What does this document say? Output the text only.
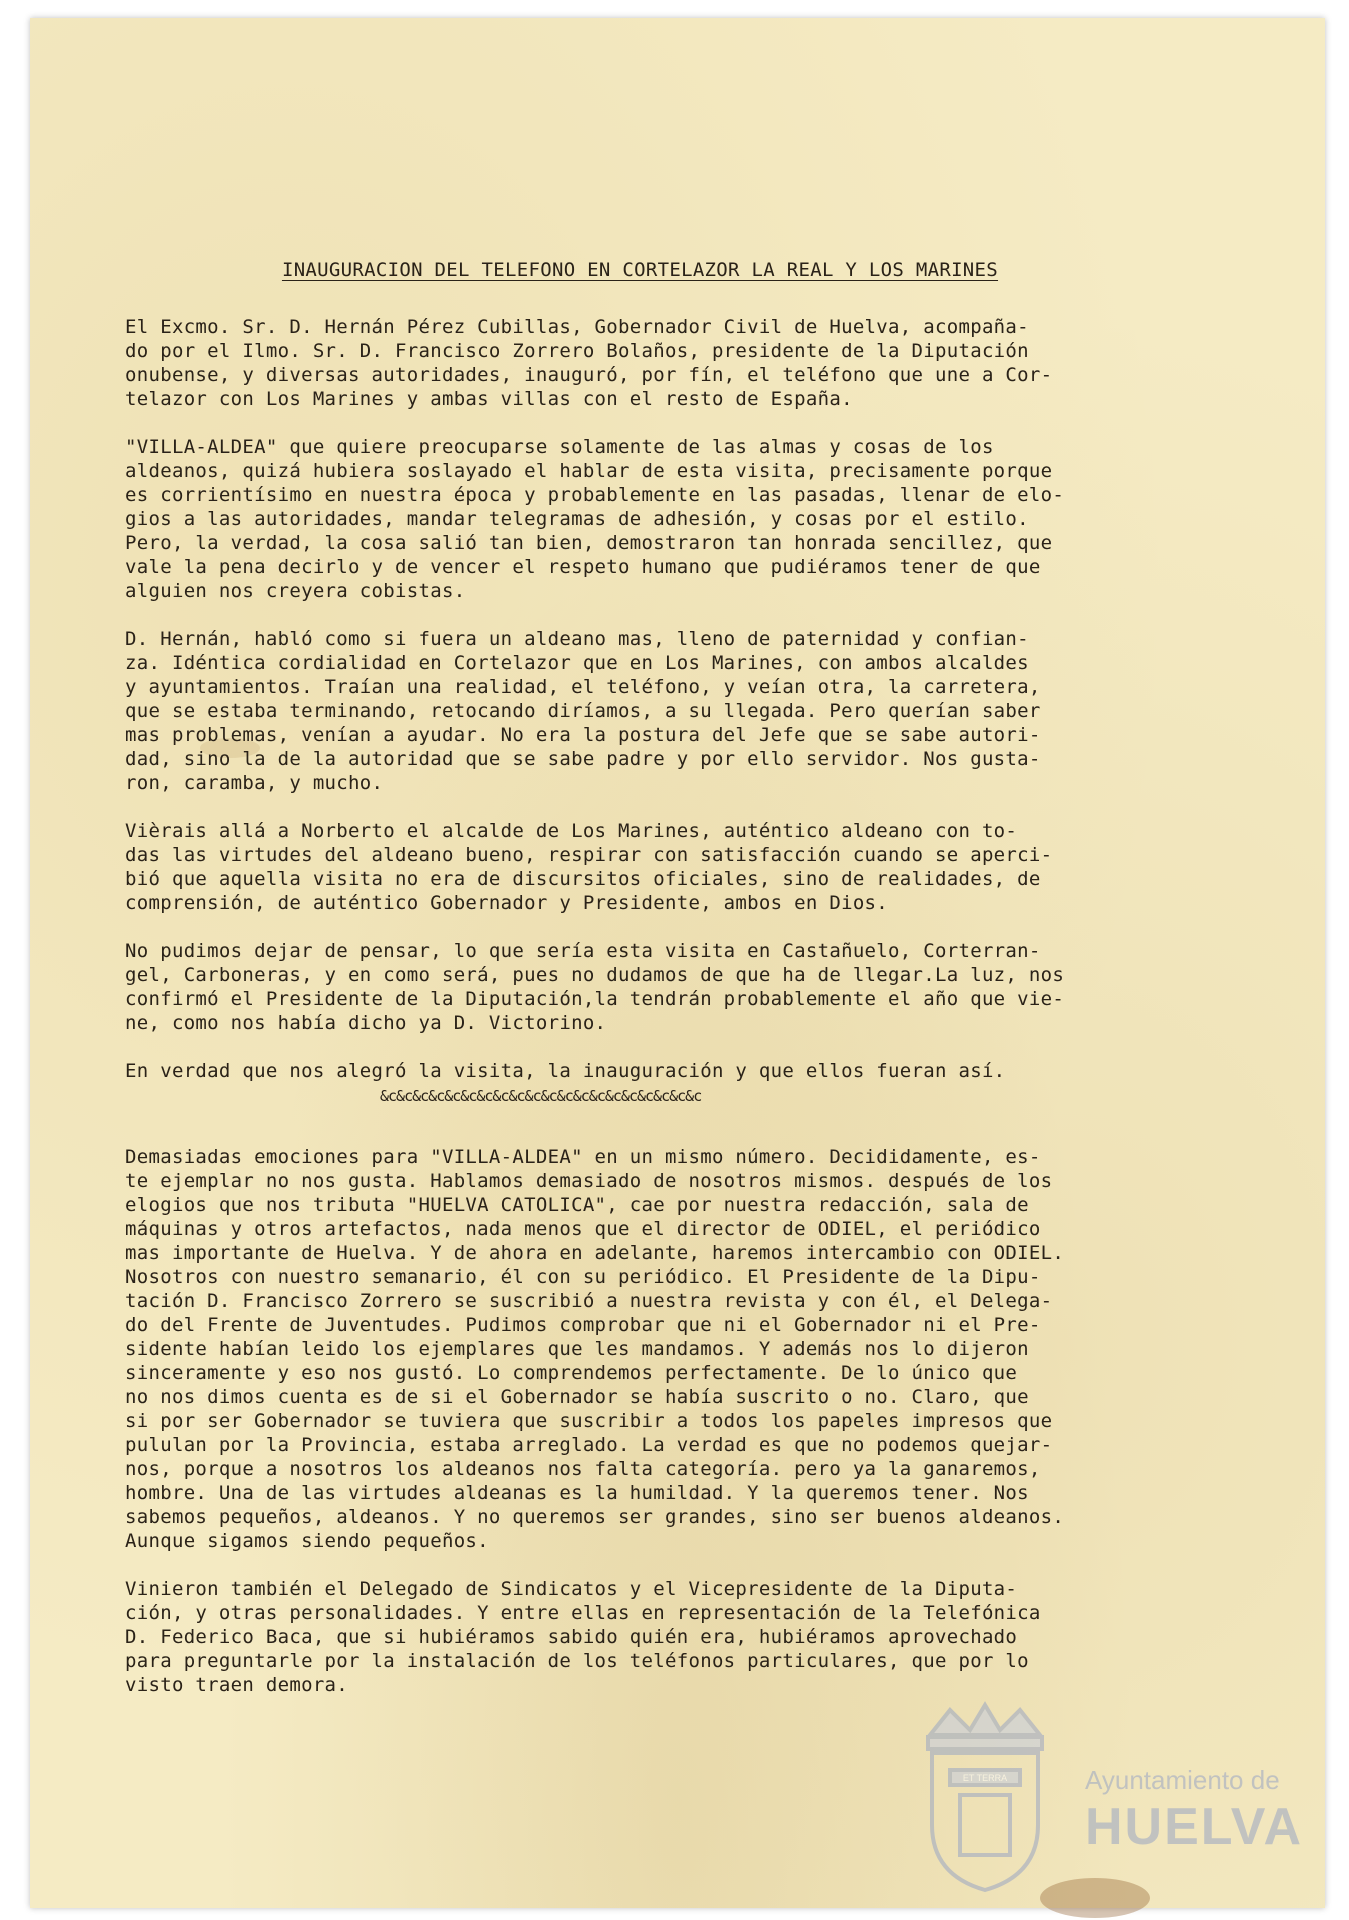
INAUGURACION DEL TELEFONO EN CORTELAZOR LA REAL Y LOS MARINES

El Excmo. Sr. D. Hernán Pérez Cubillas, Gobernador Civil de Huelva, acompaña-
do por el Ilmo. Sr. D. Francisco Zorrero Bolaños, presidente de la Diputación
onubense, y diversas autoridades, inauguró, por fín, el teléfono que une a Cor-
telazor con Los Marines y ambas villas con el resto de España.

"VILLA-ALDEA" que quiere preocuparse solamente de las almas y cosas de los
aldeanos, quizá hubiera soslayado el hablar de esta visita, precisamente porque
es corrientísimo en nuestra época y probablemente en las pasadas, llenar de elo-
gios a las autoridades, mandar telegramas de adhesión, y cosas por el estilo.
Pero, la verdad, la cosa salió tan bien, demostraron tan honrada sencillez, que
vale la pena decirlo y de vencer el respeto humano que pudiéramos tener de que
alguien nos creyera cobistas.

D. Hernán, habló como si fuera un aldeano mas, lleno de paternidad y confian-
za. Idéntica cordialidad en Cortelazor que en Los Marines, con ambos alcaldes
y ayuntamientos. Traían una realidad, el teléfono, y veían otra, la carretera,
que se estaba terminando, retocando diríamos, a su llegada. Pero querían saber
mas problemas, venían a ayudar. No era la postura del Jefe que se sabe autori-
dad, sino la de la autoridad que se sabe padre y por ello servidor. Nos gusta-
ron, caramba, y mucho.

Vièrais allá a Norberto el alcalde de Los Marines, auténtico aldeano con to-
das las virtudes del aldeano bueno, respirar con satisfacción cuando se aperci-
bió que aquella visita no era de discursitos oficiales, sino de realidades, de
comprensión, de auténtico Gobernador y Presidente, ambos en Dios.

No pudimos dejar de pensar, lo que sería esta visita en Castañuelo, Corterran-
gel, Carboneras, y en como será, pues no dudamos de que ha de llegar.La luz, nos
confirmó el Presidente de la Diputación,la tendrán probablemente el año que vie-
ne, como nos había dicho ya D. Victorino.

En verdad que nos alegró la visita, la inauguración y que ellos fueran así.

&c&c&c&c&c&c&c&c&c&c&c&c&c&c&c&c&c&c&c&c

Demasiadas emociones para "VILLA-ALDEA" en un mismo número. Decididamente, es-
te ejemplar no nos gusta. Hablamos demasiado de nosotros mismos. después de los
elogios que nos tributa "HUELVA CATOLICA", cae por nuestra redacción, sala de
máquinas y otros artefactos, nada menos que el director de ODIEL, el periódico
mas importante de Huelva. Y de ahora en adelante, haremos intercambio con ODIEL.
Nosotros con nuestro semanario, él con su periódico. El Presidente de la Dipu-
tación D. Francisco Zorrero se suscribió a nuestra revista y con él, el Delega-
do del Frente de Juventudes. Pudimos comprobar que ni el Gobernador ni el Pre-
sidente habían leido los ejemplares que les mandamos. Y además nos lo dijeron
sinceramente y eso nos gustó. Lo comprendemos perfectamente. De lo único que
no nos dimos cuenta es de si el Gobernador se había suscrito o no. Claro, que
si por ser Gobernador se tuviera que suscribir a todos los papeles impresos que
pululan por la Provincia, estaba arreglado. La verdad es que no podemos quejar-
nos, porque a nosotros los aldeanos nos falta categoría. pero ya la ganaremos,
hombre. Una de las virtudes aldeanas es la humildad. Y la queremos tener. Nos
sabemos pequeños, aldeanos. Y no queremos ser grandes, sino ser buenos aldeanos.
Aunque sigamos siendo pequeños.

Vinieron también el Delegado de Sindicatos y el Vicepresidente de la Diputa-
ción, y otras personalidades. Y entre ellas en representación de la Telefónica
D. Federico Baca, que si hubiéramos sabido quién era, hubiéramos aprovechado
para preguntarle por la instalación de los teléfonos particulares, que por lo
visto traen demora.

ET TERRA	Ayuntamiento de
HUELVA
